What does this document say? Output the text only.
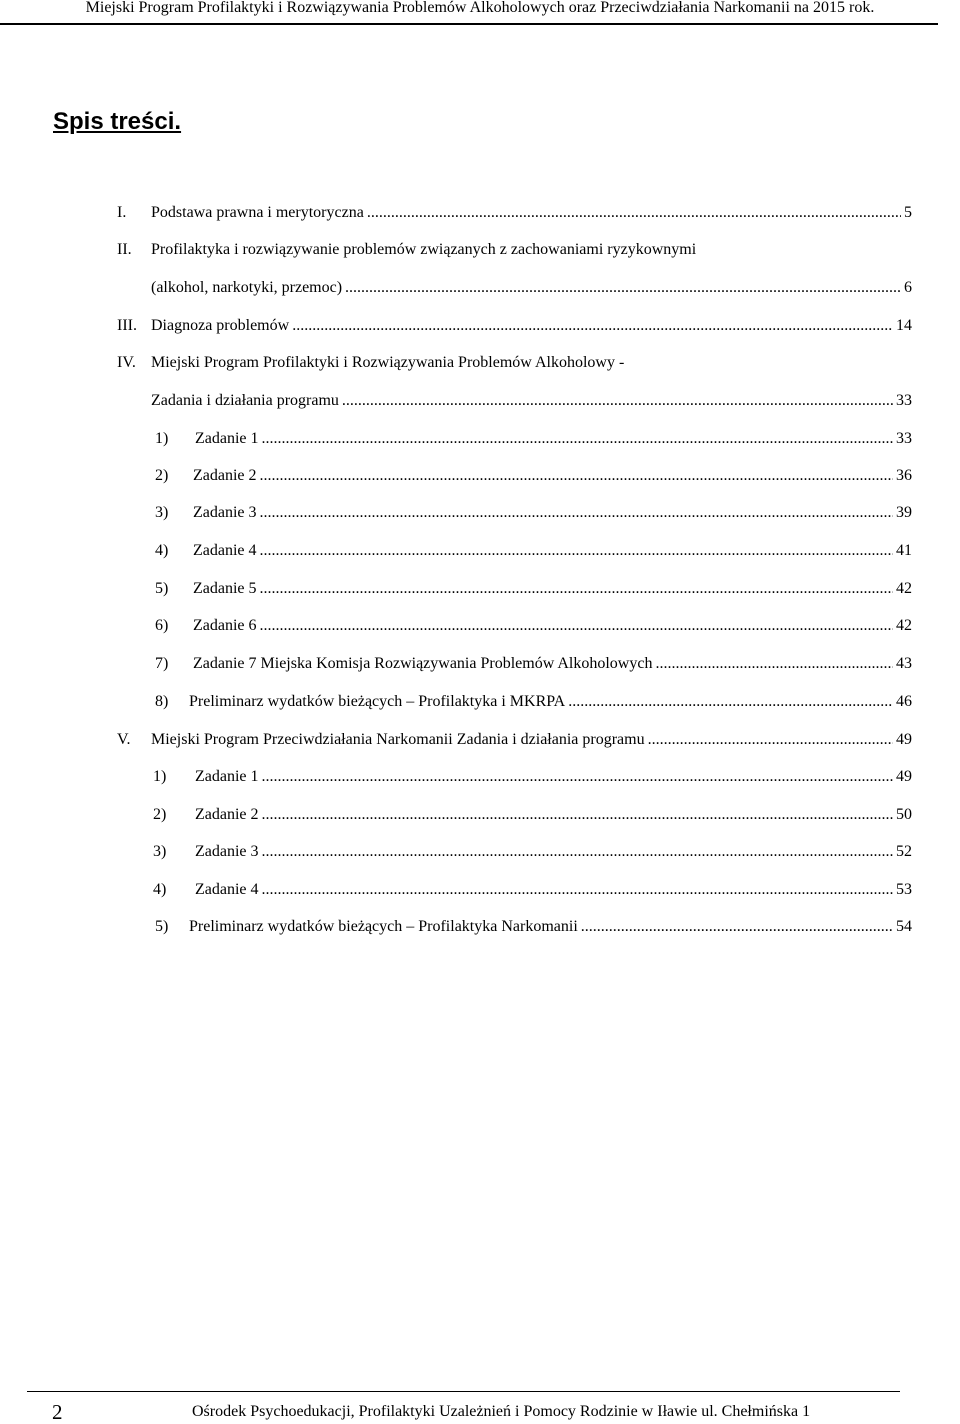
Miejski Program Profilaktyki i Rozwiązywania Problemów Alkoholowych oraz Przeciwdziałania Narkomanii na 2015 rok.
Spis treści.
I.	Podstawa prawna i merytoryczna .....	5
II. Profilaktyka i rozwiązywanie problemów związanych z zachowaniami ryzykownymi
(alkohol, narkotyki, przemoc) .....	6
III. Diagnoza problemów .....	14
IV. Miejski Program Profilaktyki i Rozwiązywania Problemów Alkoholowy -
Zadania i działania programu .....	33
1)	Zadanie 1 .....	33
2)	Zadanie 2 .....	36
3)	Zadanie 3 .....	39
4)	Zadanie 4 .....	41
5)	Zadanie 5 .....	42
6)	Zadanie 6 .....	42
7)	Zadanie 7 Miejska Komisja Rozwiązywania Problemów Alkoholowych .....	43
8)	Preliminarz wydatków bieżących – Profilaktyka i MKRPA .....	46
V.	Miejski Program Przeciwdziałania Narkomanii Zadania i działania programu .....	49
1)	Zadanie 1 .....	49
2)	Zadanie 2 .....	50
3)	Zadanie 3 .....	52
4)	Zadanie 4 .....	53
5)	Preliminarz wydatków bieżących – Profilaktyka Narkomanii .....	54
2	Ośrodek Psychoedukacji, Profilaktyki Uzależnień i Pomocy Rodzinie w Iławie ul. Chełmińska 1
